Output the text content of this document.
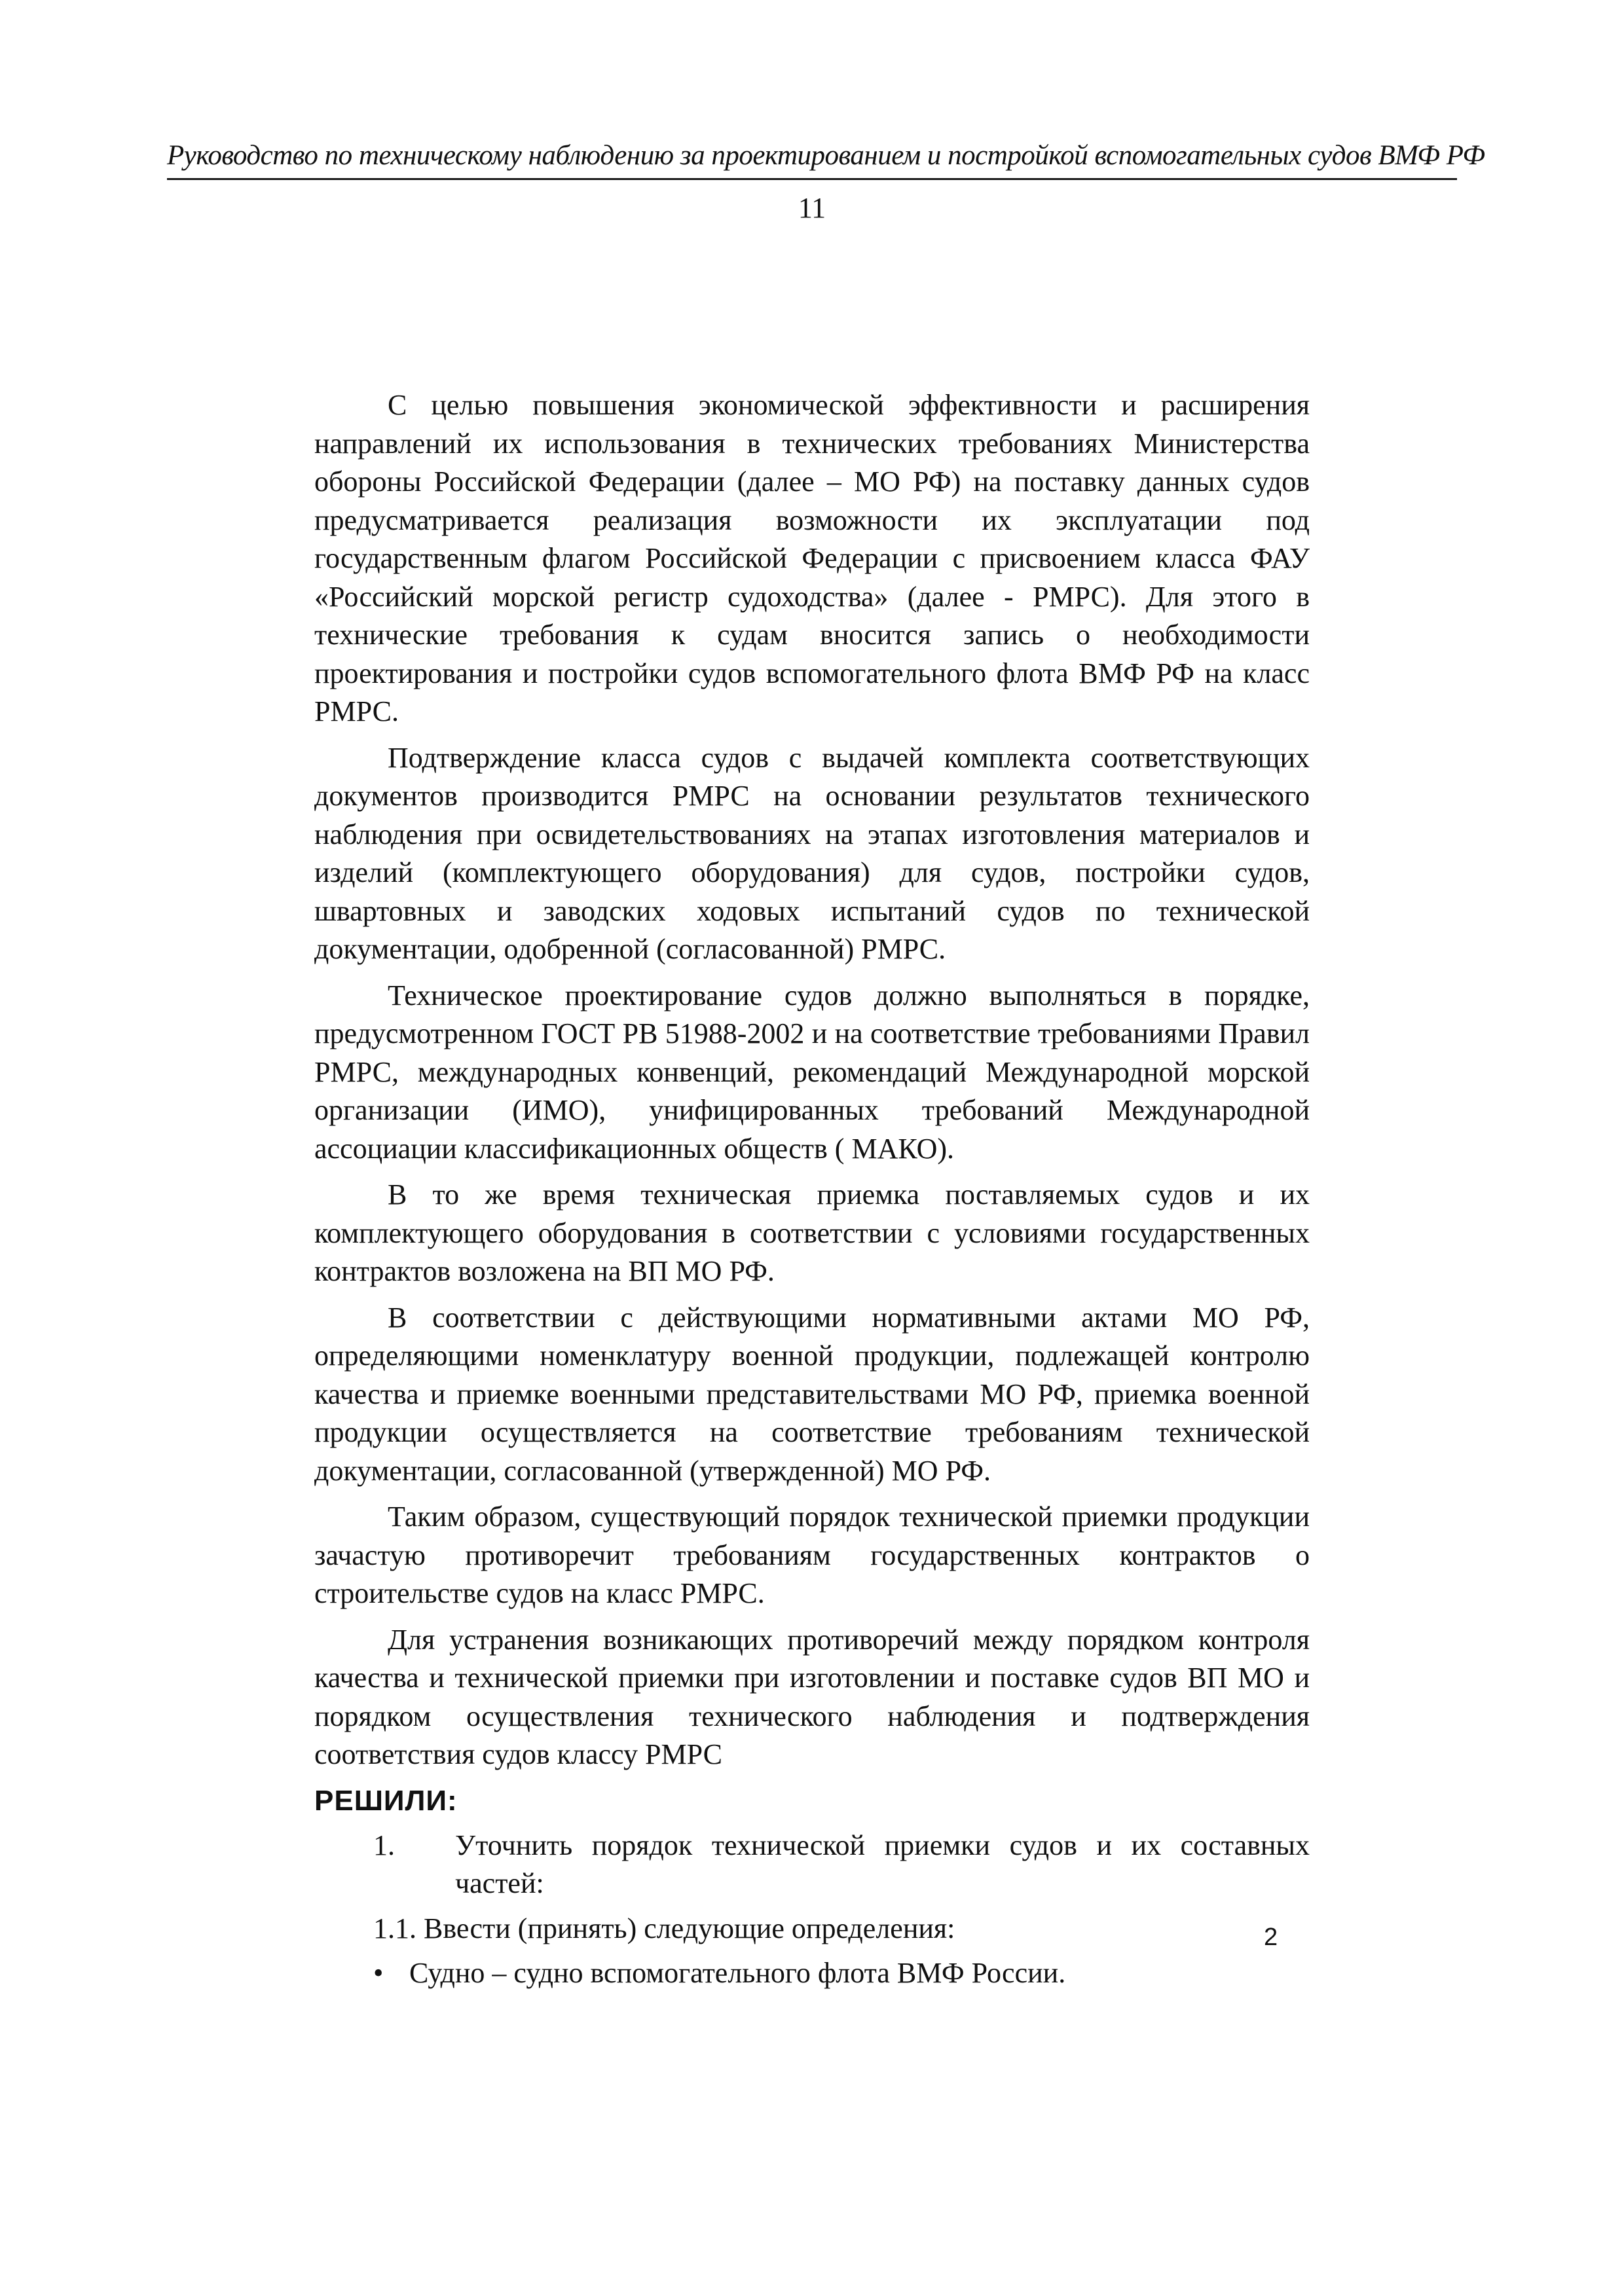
Руководство по техническому наблюдению за проектированием и постройкой вспомогательных судов ВМФ РФ
11

С целью повышения экономической эффективности и расширения направлений их использования в технических требованиях Министерства обороны Российской Федерации (далее – МО РФ) на поставку данных судов предусматривается реализация возможности их эксплуатации под государственным флагом Российской Федерации с присвоением класса ФАУ «Российский морской регистр судоходства» (далее - РМРС). Для этого в технические требования к судам вносится запись о необходимости проектирования и постройки судов вспомогательного флота ВМФ РФ на класс РМРС.

Подтверждение класса судов с выдачей комплекта соответствующих документов производится РМРС на основании результатов технического наблюдения при освидетельствованиях на этапах изготовления материалов и изделий (комплектующего оборудования) для судов, постройки судов, швартовных и заводских ходовых испытаний судов по технической документации, одобренной (согласованной) РМРС.

Техническое проектирование судов должно выполняться в порядке, предусмотренном ГОСТ РВ 51988-2002 и на соответствие требованиями Правил РМРС, международных конвенций, рекомендаций Международной морской организации (ИМО), унифицированных требований Международной ассоциации классификационных обществ ( МАКО).

В то же время техническая приемка поставляемых судов и их комплектующего оборудования в соответствии с условиями государственных контрактов возложена на ВП МО РФ.

В соответствии с действующими нормативными актами МО РФ, определяющими номенклатуру военной продукции, подлежащей контролю качества и приемке военными представительствами МО РФ, приемка военной продукции осуществляется на соответствие требованиям технической документации, согласованной (утвержденной) МО РФ.

Таким образом, существующий порядок технической приемки продукции зачастую противоречит требованиям государственных контрактов о строительстве судов на класс РМРС.

Для устранения возникающих противоречий между порядком контроля качества и технической приемки при изготовлении и поставке судов ВП МО и порядком осуществления технического наблюдения и подтверждения соответствия судов классу РМРС

РЕШИЛИ:
1.	Уточнить порядок технической приемки судов и их составных частей:
1.1. Ввести (принять) следующие определения:
• Судно – судно вспомогательного флота ВМФ России.
2
